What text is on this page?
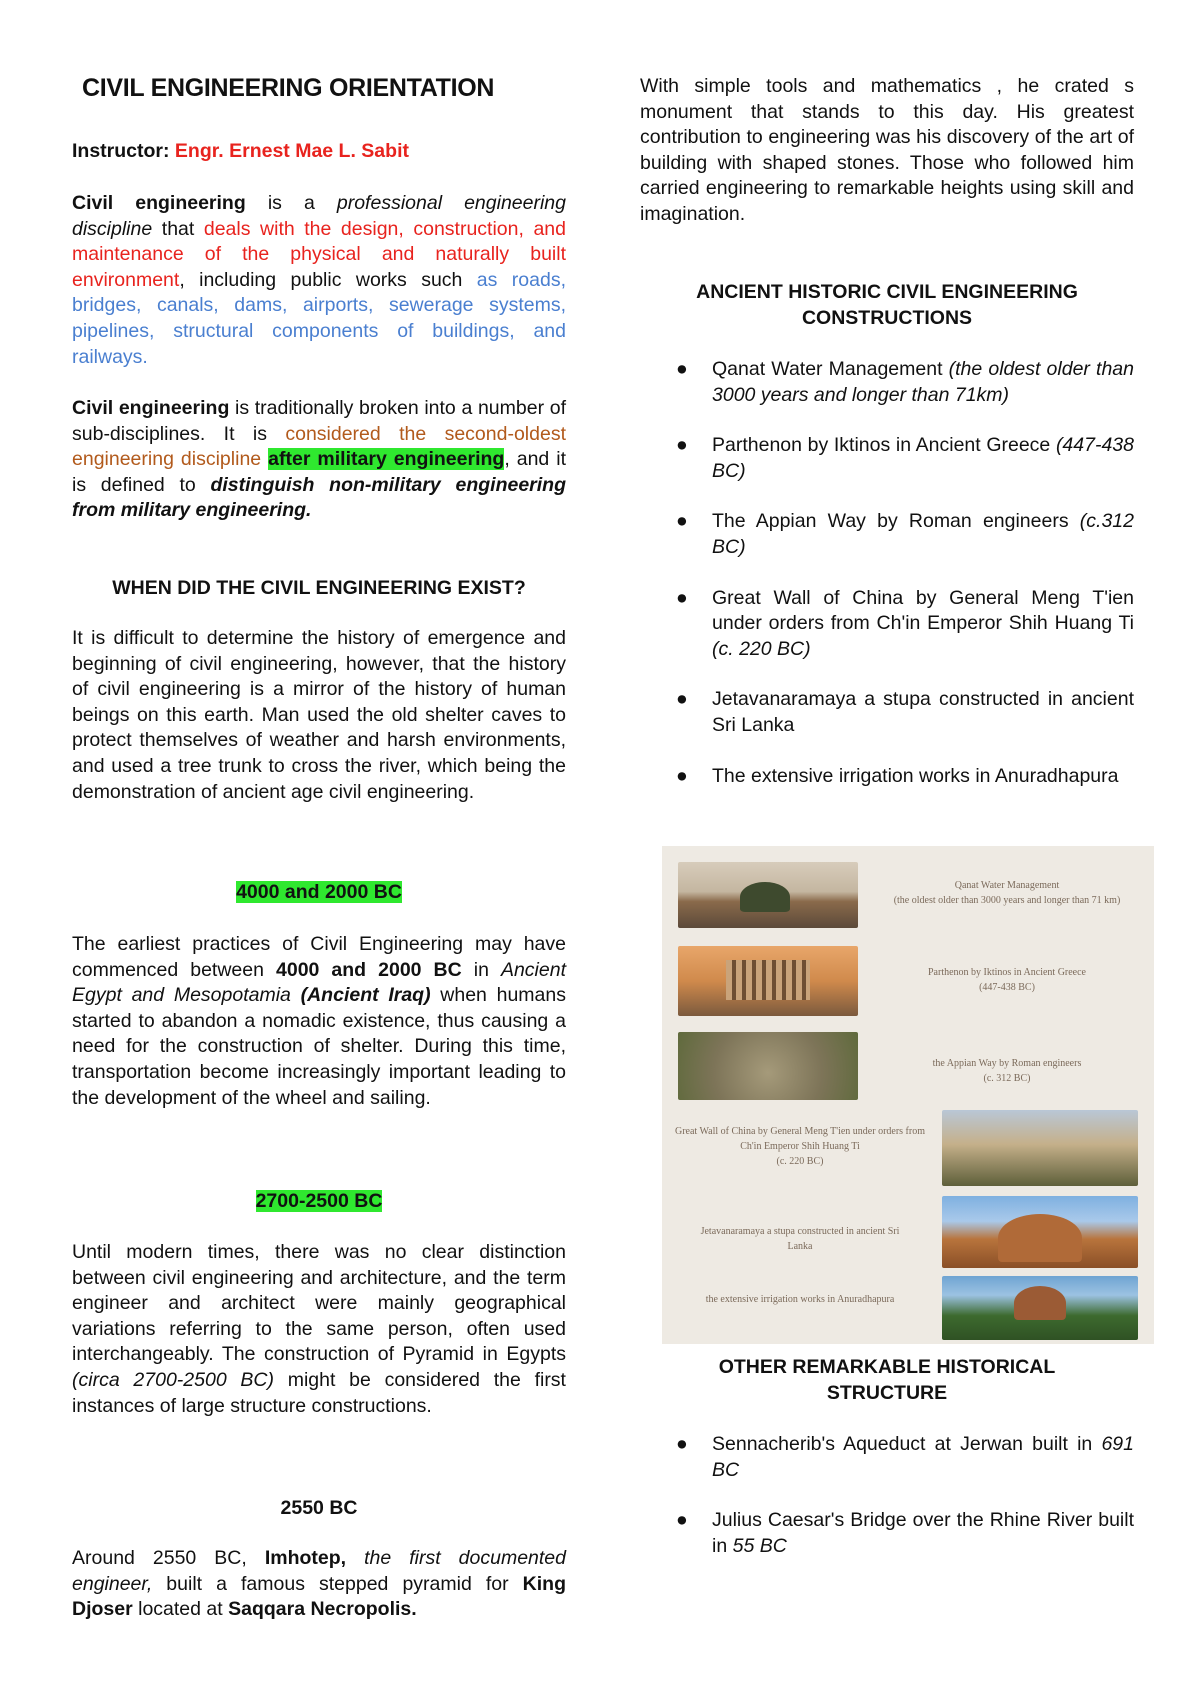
CIVIL ENGINEERING ORIENTATION

Instructor: Engr. Ernest Mae L. Sabit

Civil engineering is a professional engineering discipline that deals with the design, construction, and maintenance of the physical and naturally built environment, including public works such as roads, bridges, canals, dams, airports, sewerage systems, pipelines, structural components of buildings, and railways.

Civil engineering is traditionally broken into a number of sub-disciplines. It is considered the second-oldest engineering discipline after military engineering, and it is defined to distinguish non-military engineering from military engineering.

WHEN DID THE CIVIL ENGINEERING EXIST?

It is difficult to determine the history of emergence and beginning of civil engineering, however, that the history of civil engineering is a mirror of the history of human beings on this earth. Man used the old shelter caves to protect themselves of weather and harsh environments, and used a tree trunk to cross the river, which being the demonstration of ancient age civil engineering.

4000 and 2000 BC

The earliest practices of Civil Engineering may have commenced between 4000 and 2000 BC in Ancient Egypt and Mesopotamia (Ancient Iraq) when humans started to abandon a nomadic existence, thus causing a need for the construction of shelter. During this time, transportation become increasingly important leading to the development of the wheel and sailing.

2700-2500 BC

Until modern times, there was no clear distinction between civil engineering and architecture, and the term engineer and architect were mainly geographical variations referring to the same person, often used interchangeably. The construction of Pyramid in Egypts (circa 2700-2500 BC) might be considered the first instances of large structure constructions.

2550 BC

Around 2550 BC, Imhotep, the first documented engineer, built a famous stepped pyramid for King Djoser located at Saqqara Necropolis.

With simple tools and mathematics , he crated s monument that stands to this day. His greatest contribution to engineering was his discovery of the art of building with shaped stones. Those who followed him carried engineering to remarkable heights using skill and imagination.

ANCIENT HISTORIC CIVIL ENGINEERING
CONSTRUCTIONS
● Qanat Water Management (the oldest older than 3000 years and longer than 71km)
● Parthenon by Iktinos in Ancient Greece (447-438 BC)
● The Appian Way by Roman engineers (c.312 BC)
● Great Wall of China by General Meng T'ien under orders from Ch'in Emperor Shih Huang Ti (c. 220 BC)
● Jetavanaramaya a stupa constructed in ancient Sri Lanka
● The extensive irrigation works in Anuradhapura
OTHER REMARKABLE HISTORICAL
STRUCTURE
● Sennacherib's Aqueduct at Jerwan built in 691 BC
● Julius Caesar's Bridge over the Rhine River built in 55 BC
Qanat Water Management
(the oldest older than 3000 years and longer than 71 km)
Parthenon by Iktinos in Ancient Greece
(447-438 BC)
the Appian Way by Roman engineers
(c. 312 BC)
Great Wall of China by General Meng T'ien under orders from
Ch'in Emperor Shih Huang Ti
(c. 220 BC)
Jetavanaramaya a stupa constructed in ancient Sri
Lanka
the extensive irrigation works in Anuradhapura
